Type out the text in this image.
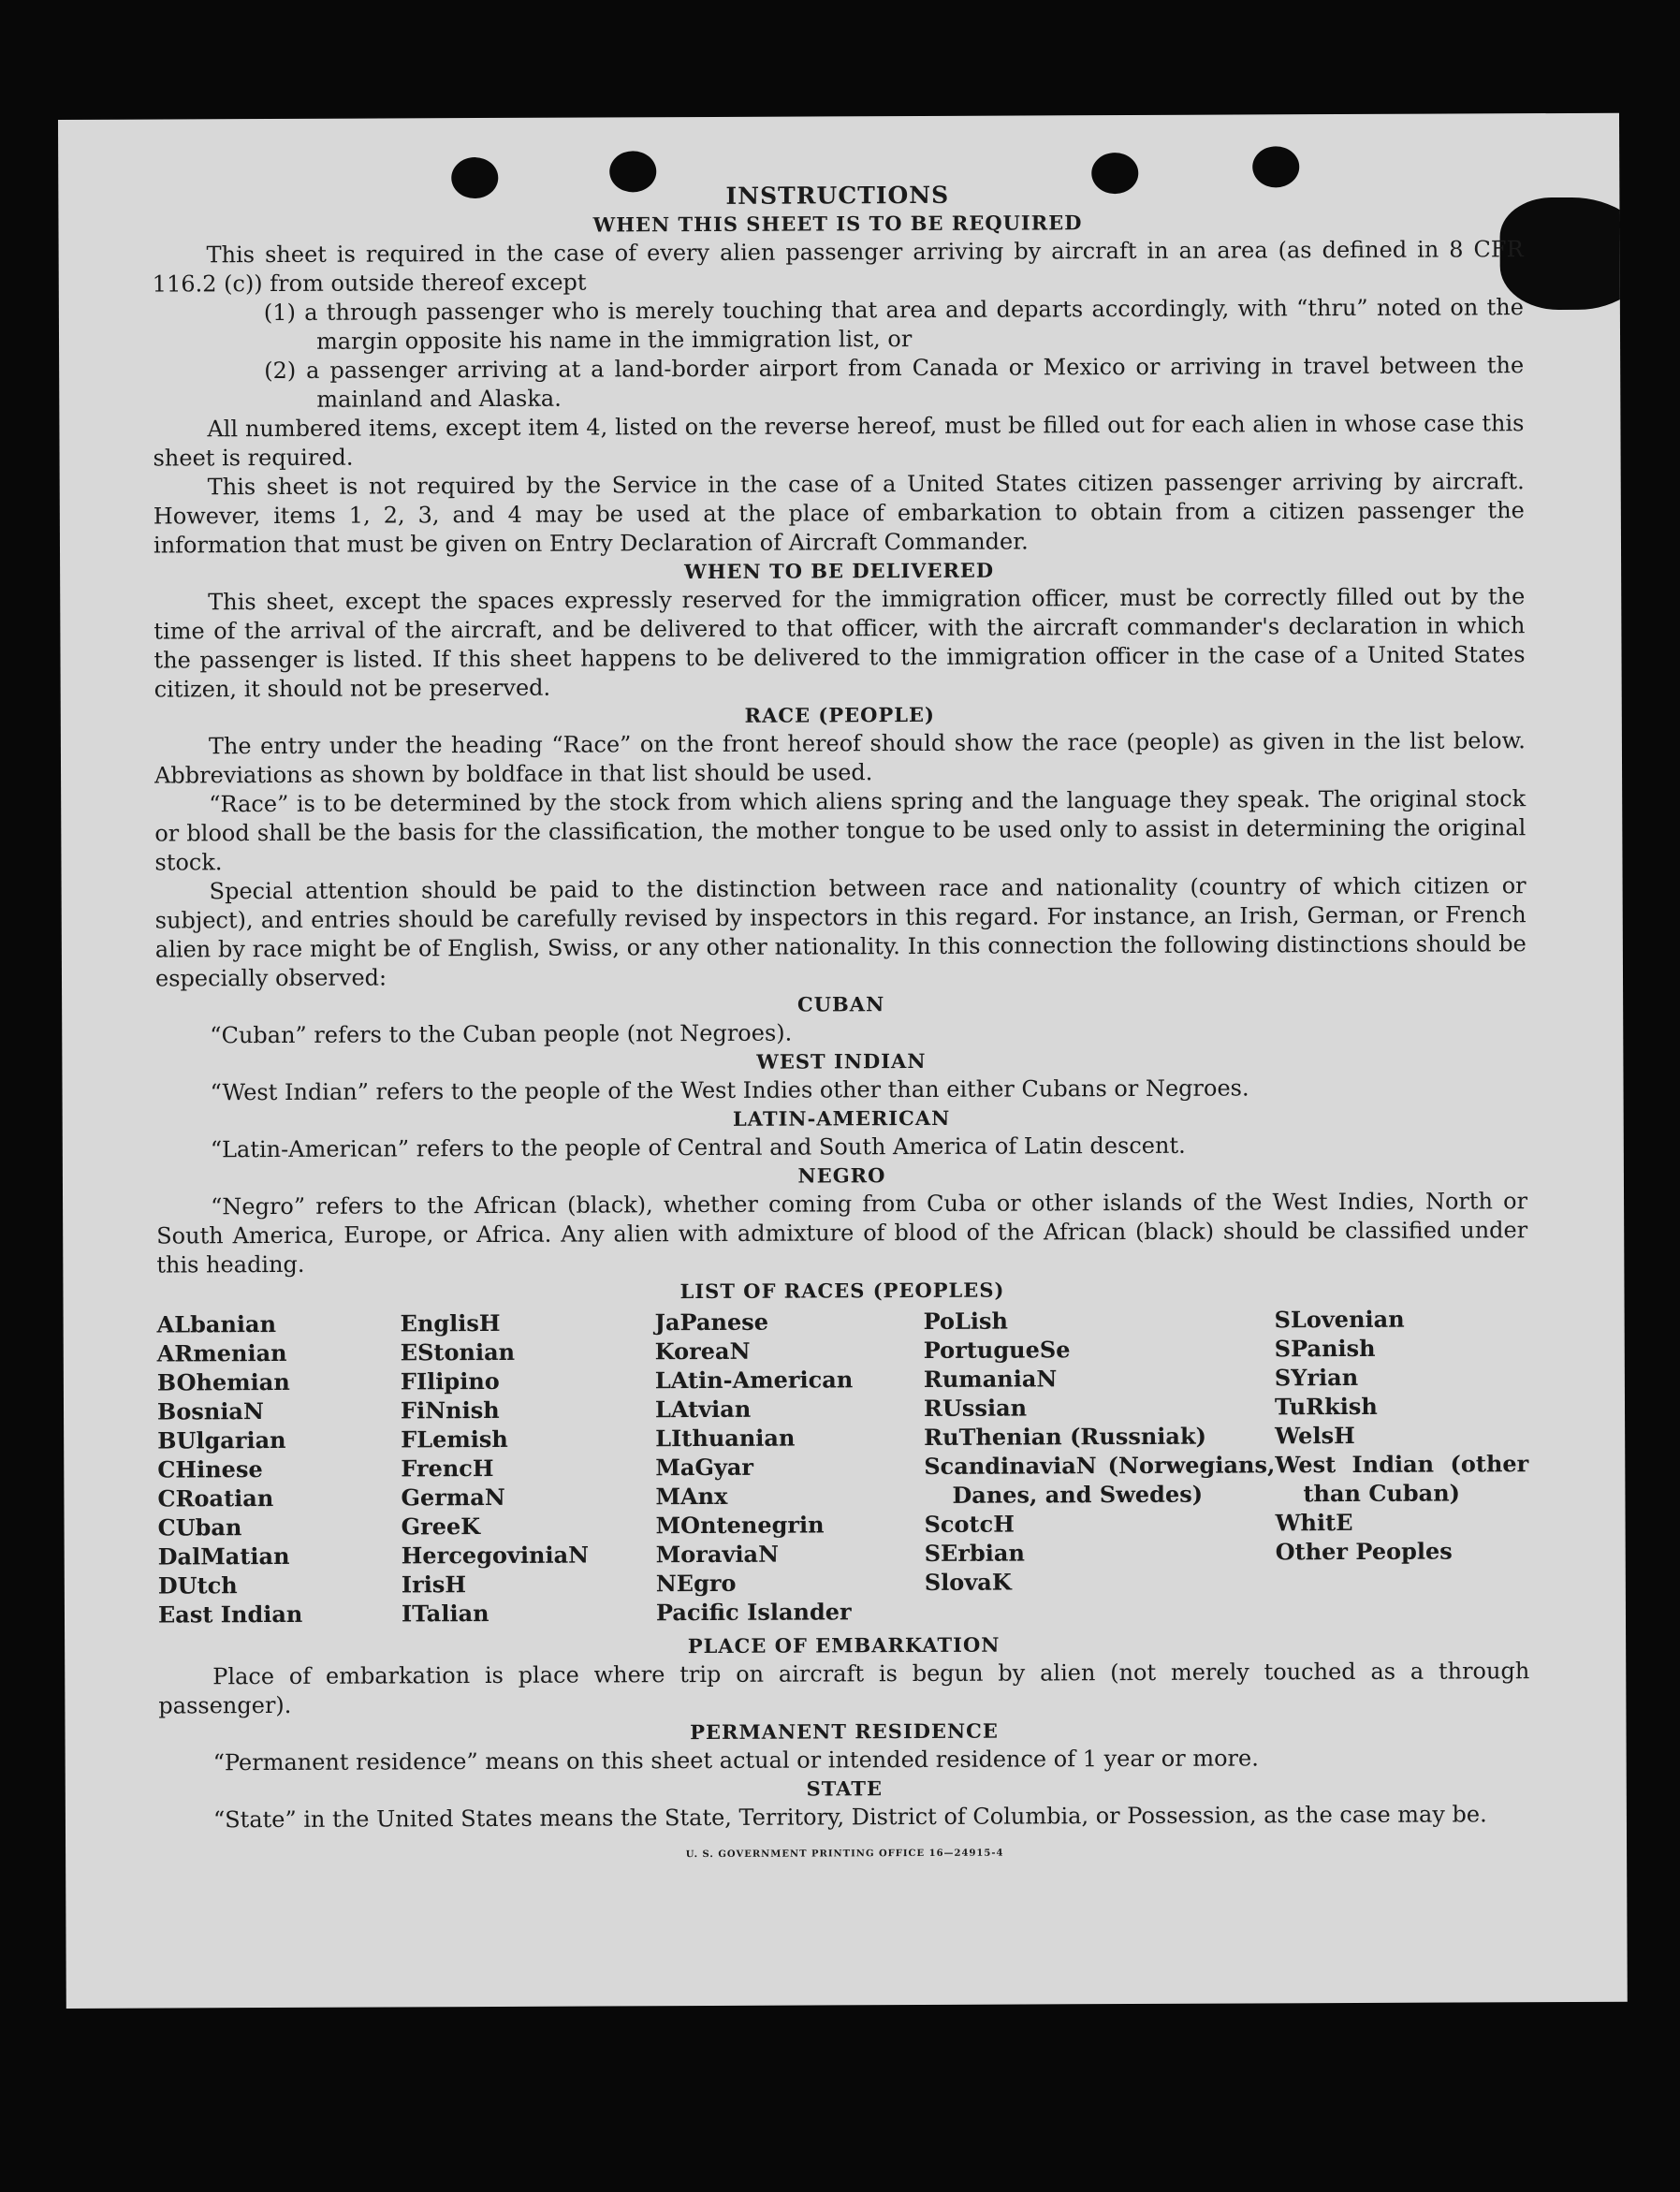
INSTRUCTIONS
WHEN THIS SHEET IS TO BE REQUIRED

This sheet is required in the case of every alien passenger arriving by aircraft in an area (as defined in 8 CFR 116.2 (c)) from outside thereof except

(1) a through passenger who is merely touching that area and departs accordingly, with “thru” noted on the margin opposite his name in the immigration list, or

(2) a passenger arriving at a land-border airport from Canada or Mexico or arriving in travel between the mainland and Alaska.

All numbered items, except item 4, listed on the reverse hereof, must be filled out for each alien in whose case this sheet is required.

This sheet is not required by the Service in the case of a United States citizen passenger arriving by aircraft. However, items 1, 2, 3, and 4 may be used at the place of embarkation to obtain from a citizen passenger the information that must be given on Entry Declaration of Aircraft Commander.

WHEN TO BE DELIVERED

This sheet, except the spaces expressly reserved for the immigration officer, must be correctly filled out by the time of the arrival of the aircraft, and be delivered to that officer, with the aircraft commander's declaration in which the passenger is listed. If this sheet happens to be delivered to the immigration officer in the case of a United States citizen, it should not be preserved.

RACE (PEOPLE)

The entry under the heading “Race” on the front hereof should show the race (people) as given in the list below. Abbreviations as shown by boldface in that list should be used.

“Race” is to be determined by the stock from which aliens spring and the language they speak. The original stock or blood shall be the basis for the classification, the mother tongue to be used only to assist in determining the original stock.

Special attention should be paid to the distinction between race and nationality (country of which citizen or subject), and entries should be carefully revised by inspectors in this regard. For instance, an Irish, German, or French alien by race might be of English, Swiss, or any other nationality. In this connection the following distinctions should be especially observed:

CUBAN

“Cuban” refers to the Cuban people (not Negroes).

WEST INDIAN

“West Indian” refers to the people of the West Indies other than either Cubans or Negroes.

LATIN-AMERICAN

“Latin-American” refers to the people of Central and South America of Latin descent.

NEGRO

“Negro” refers to the African (black), whether coming from Cuba or other islands of the West Indies, North or South America, Europe, or Africa. Any alien with admixture of blood of the African (black) should be classified under this heading.

LIST OF RACES (PEOPLES)
ALbanian
ARmenian
BOhemian
BosniaN
BUlgarian
CHinese
CRoatian
CUban
DalMatian
DUtch
East Indian
EnglisH
EStonian
FIlipino
FiNnish
FLemish
FrencH
GermaN
GreeK
HercegoviniaN
IrisH
ITalian
JaPanese
KoreaN
LAtin-American
LAtvian
LIthuanian
MaGyar
MAnx
MOntenegrin
MoraviaN
NEgro
Pacific Islander
PoLish
PortugueSe
RumaniaN
RUssian
RuThenian (Russniak)
ScandinaviaN (Norwegians, Danes, and Swedes)
ScotcH
SErbian
SlovaK
SLovenian
SPanish
SYrian
TuRkish
WelsH
West Indian (other than Cuban)
WhitE
Other Peoples
PLACE OF EMBARKATION

Place of embarkation is place where trip on aircraft is begun by alien (not merely touched as a through passenger).

PERMANENT RESIDENCE

“Permanent residence” means on this sheet actual or intended residence of 1 year or more.

STATE

“State” in the United States means the State, Territory, District of Columbia, or Possession, as the case may be.

U. S. GOVERNMENT PRINTING OFFICE 16—24915-4
